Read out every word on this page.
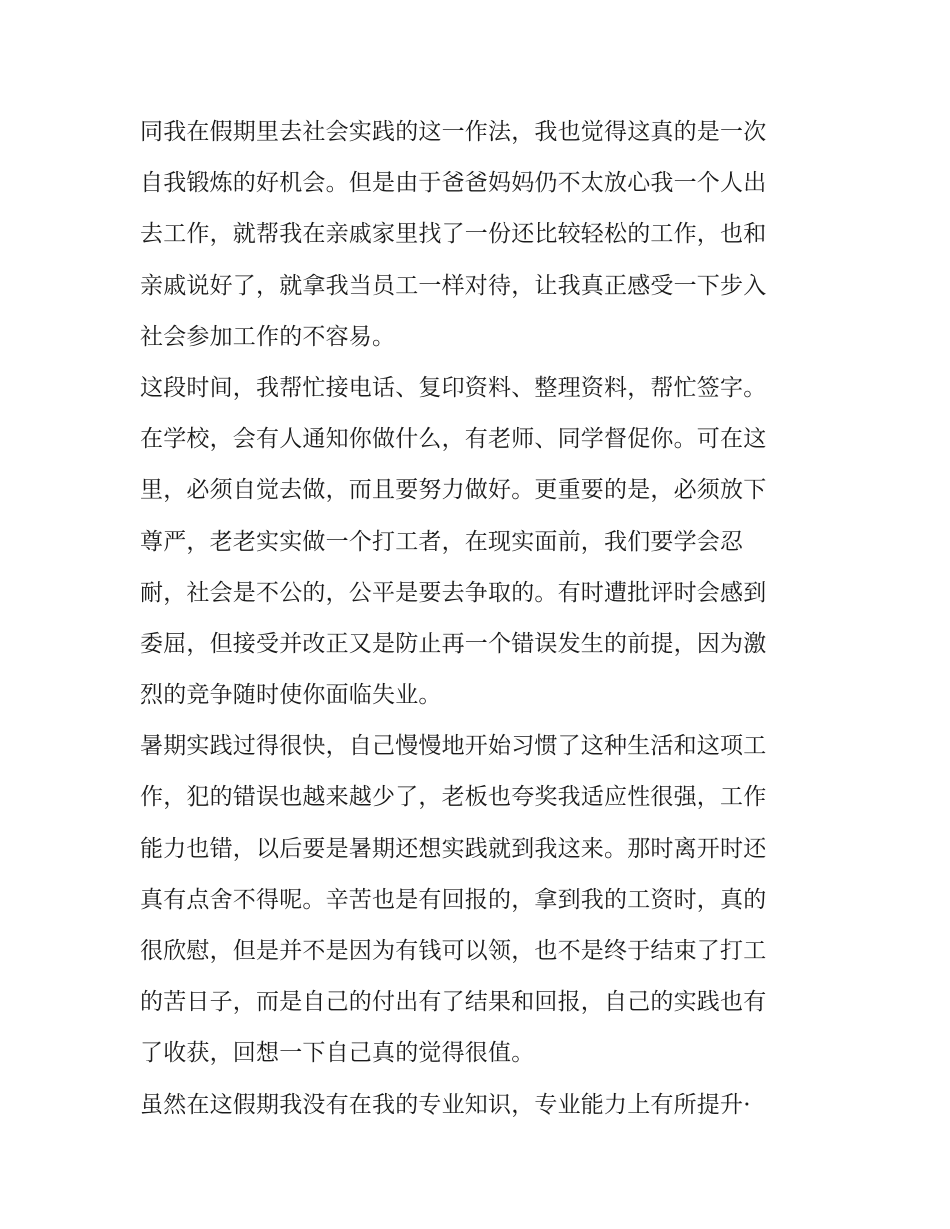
同我在假期里去社会实践的这一作法，我也觉得这真的是一次
自我锻炼的好机会。但是由于爸爸妈妈仍不太放心我一个人出
去工作，就帮我在亲戚家里找了一份还比较轻松的工作，也和
亲戚说好了，就拿我当员工一样对待，让我真正感受一下步入
社会参加工作的不容易。
这段时间，我帮忙接电话、复印资料、整理资料，帮忙签字。
在学校，会有人通知你做什么，有老师、同学督促你。可在这
里，必须自觉去做，而且要努力做好。更重要的是，必须放下
尊严，老老实实做一个打工者，在现实面前，我们要学会忍
耐，社会是不公的，公平是要去争取的。有时遭批评时会感到
委屈，但接受并改正又是防止再一个错误发生的前提，因为激
烈的竞争随时使你面临失业。
暑期实践过得很快，自己慢慢地开始习惯了这种生活和这项工
作，犯的错误也越来越少了，老板也夸奖我适应性很强，工作
能力也错，以后要是暑期还想实践就到我这来。那时离开时还
真有点舍不得呢。辛苦也是有回报的，拿到我的工资时，真的
很欣慰，但是并不是因为有钱可以领，也不是终于结束了打工
的苦日子，而是自己的付出有了结果和回报，自己的实践也有
了收获，回想一下自己真的觉得很值。
虽然在这假期我没有在我的专业知识，专业能力上有所提升·
